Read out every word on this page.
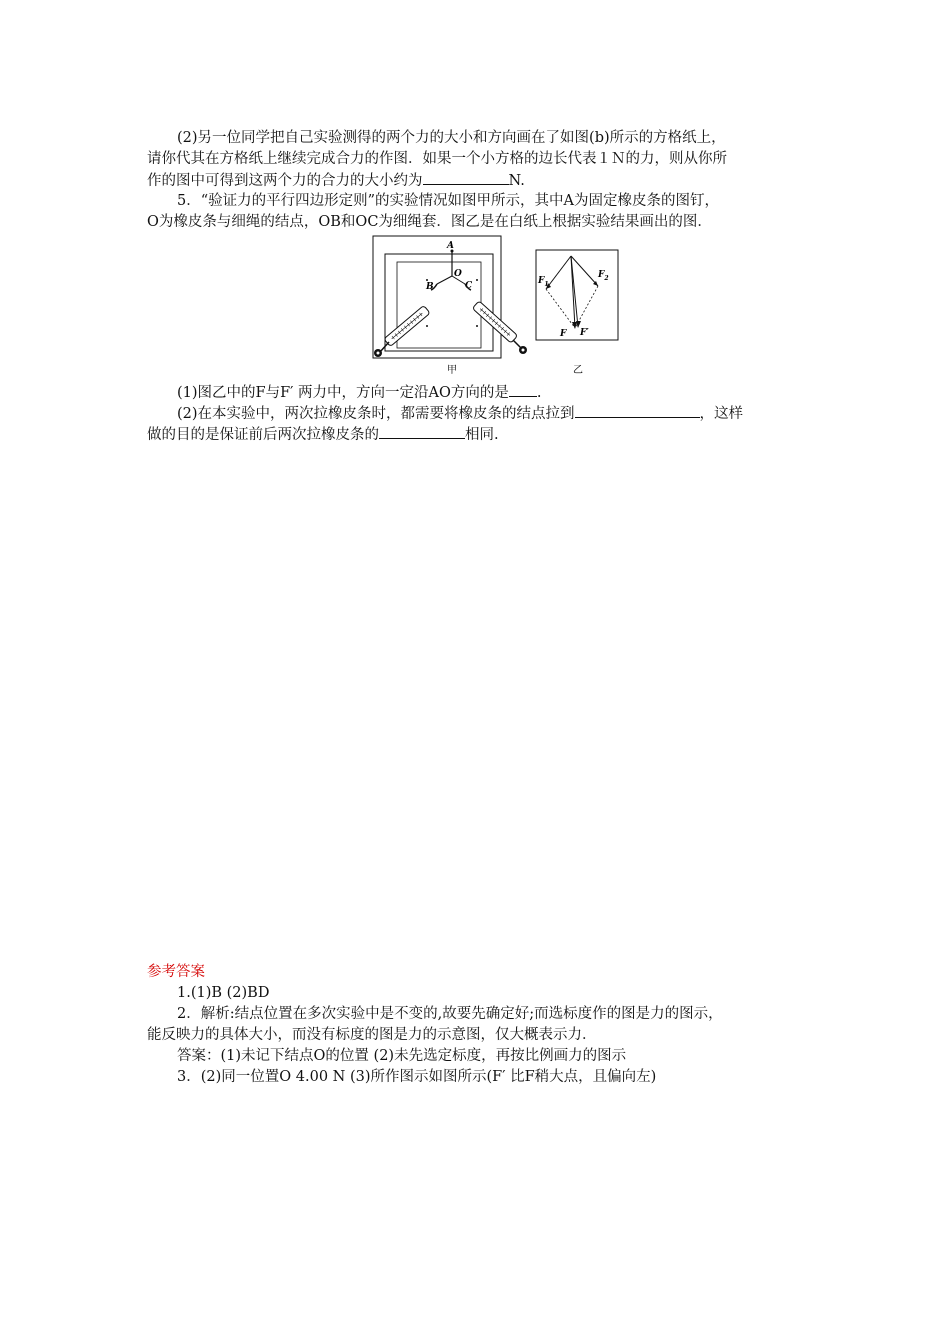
(2)另一位同学把自己实验测得的两个力的大小和方向画在了如图(b)所示的方格纸上，
请你代其在方格纸上继续完成合力的作图．如果一个小方格的边长代表１Ｎ的力，则从你所
作的图中可得到这两个力的合力的大小约为	N.
5．“验证力的平行四边形定则”的实验情况如图甲所示，其中A为固定橡皮条的图钉，
O为橡皮条与细绳的结点，OB和OC为细绳套．图乙是在白纸上根据实验结果画出的图．
A
O
B	C
甲
$F_1$
$F_2$
F F′
乙
(1)图乙中的F与F′ 两力中，方向一定沿AO方向的是 .
(2)在本实验中，两次拉橡皮条时，都需要将橡皮条的结点拉到	，这样
做的目的是保证前后两次拉橡皮条的	相同.
参考答案
1.(1)B (2)BD
2．解析:结点位置在多次实验中是不变的,故要先确定好;而选标度作的图是力的图示，
能反映力的具体大小，而没有标度的图是力的示意图，仅大概表示力．
答案：(1)未记下结点O的位置 (2)未先选定标度，再按比例画力的图示
3．(2)同一位置O 4.00 N (3)所作图示如图所示(F′ 比F稍大点，且偏向左)
